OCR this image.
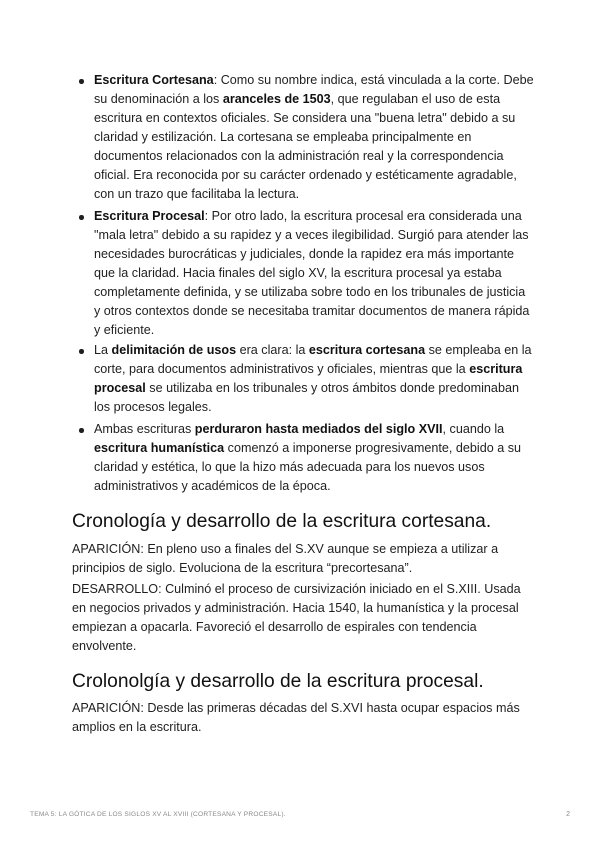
Escritura Cortesana: Como su nombre indica, está vinculada a la corte. Debe su denominación a los aranceles de 1503, que regulaban el uso de esta escritura en contextos oficiales. Se considera una "buena letra" debido a su claridad y estilización. La cortesana se empleaba principalmente en documentos relacionados con la administración real y la correspondencia oficial. Era reconocida por su carácter ordenado y estéticamente agradable, con un trazo que facilitaba la lectura.
Escritura Procesal: Por otro lado, la escritura procesal era considerada una "mala letra" debido a su rapidez y a veces ilegibilidad. Surgió para atender las necesidades burocráticas y judiciales, donde la rapidez era más importante que la claridad. Hacia finales del siglo XV, la escritura procesal ya estaba completamente definida, y se utilizaba sobre todo en los tribunales de justicia y otros contextos donde se necesitaba tramitar documentos de manera rápida y eficiente.
La delimitación de usos era clara: la escritura cortesana se empleaba en la corte, para documentos administrativos y oficiales, mientras que la escritura procesal se utilizaba en los tribunales y otros ámbitos donde predominaban los procesos legales.
Ambas escrituras perduraron hasta mediados del siglo XVII, cuando la escritura humanística comenzó a imponerse progresivamente, debido a su claridad y estética, lo que la hizo más adecuada para los nuevos usos administrativos y académicos de la época.
Cronología y desarrollo de la escritura cortesana.

APARICIÓN: En pleno uso a finales del S.XV aunque se empieza a utilizar a principios de siglo. Evoluciona de la escritura “precortesana”.

DESARROLLO: Culminó el proceso de cursivización iniciado en el S.XIII. Usada en negocios privados y administración. Hacia 1540, la humanística y la procesal empiezan a opacarla. Favoreció el desarrollo de espirales con tendencia envolvente.

Crolonolgía y desarrollo de la escritura procesal.

APARICIÓN: Desde las primeras décadas del S.XVI hasta ocupar espacios más amplios en la escritura.

TEMA 5: LA GÓTICA DE LOS SIGLOS XV AL XVIII (CORTESANA Y PROCESAL).	2
